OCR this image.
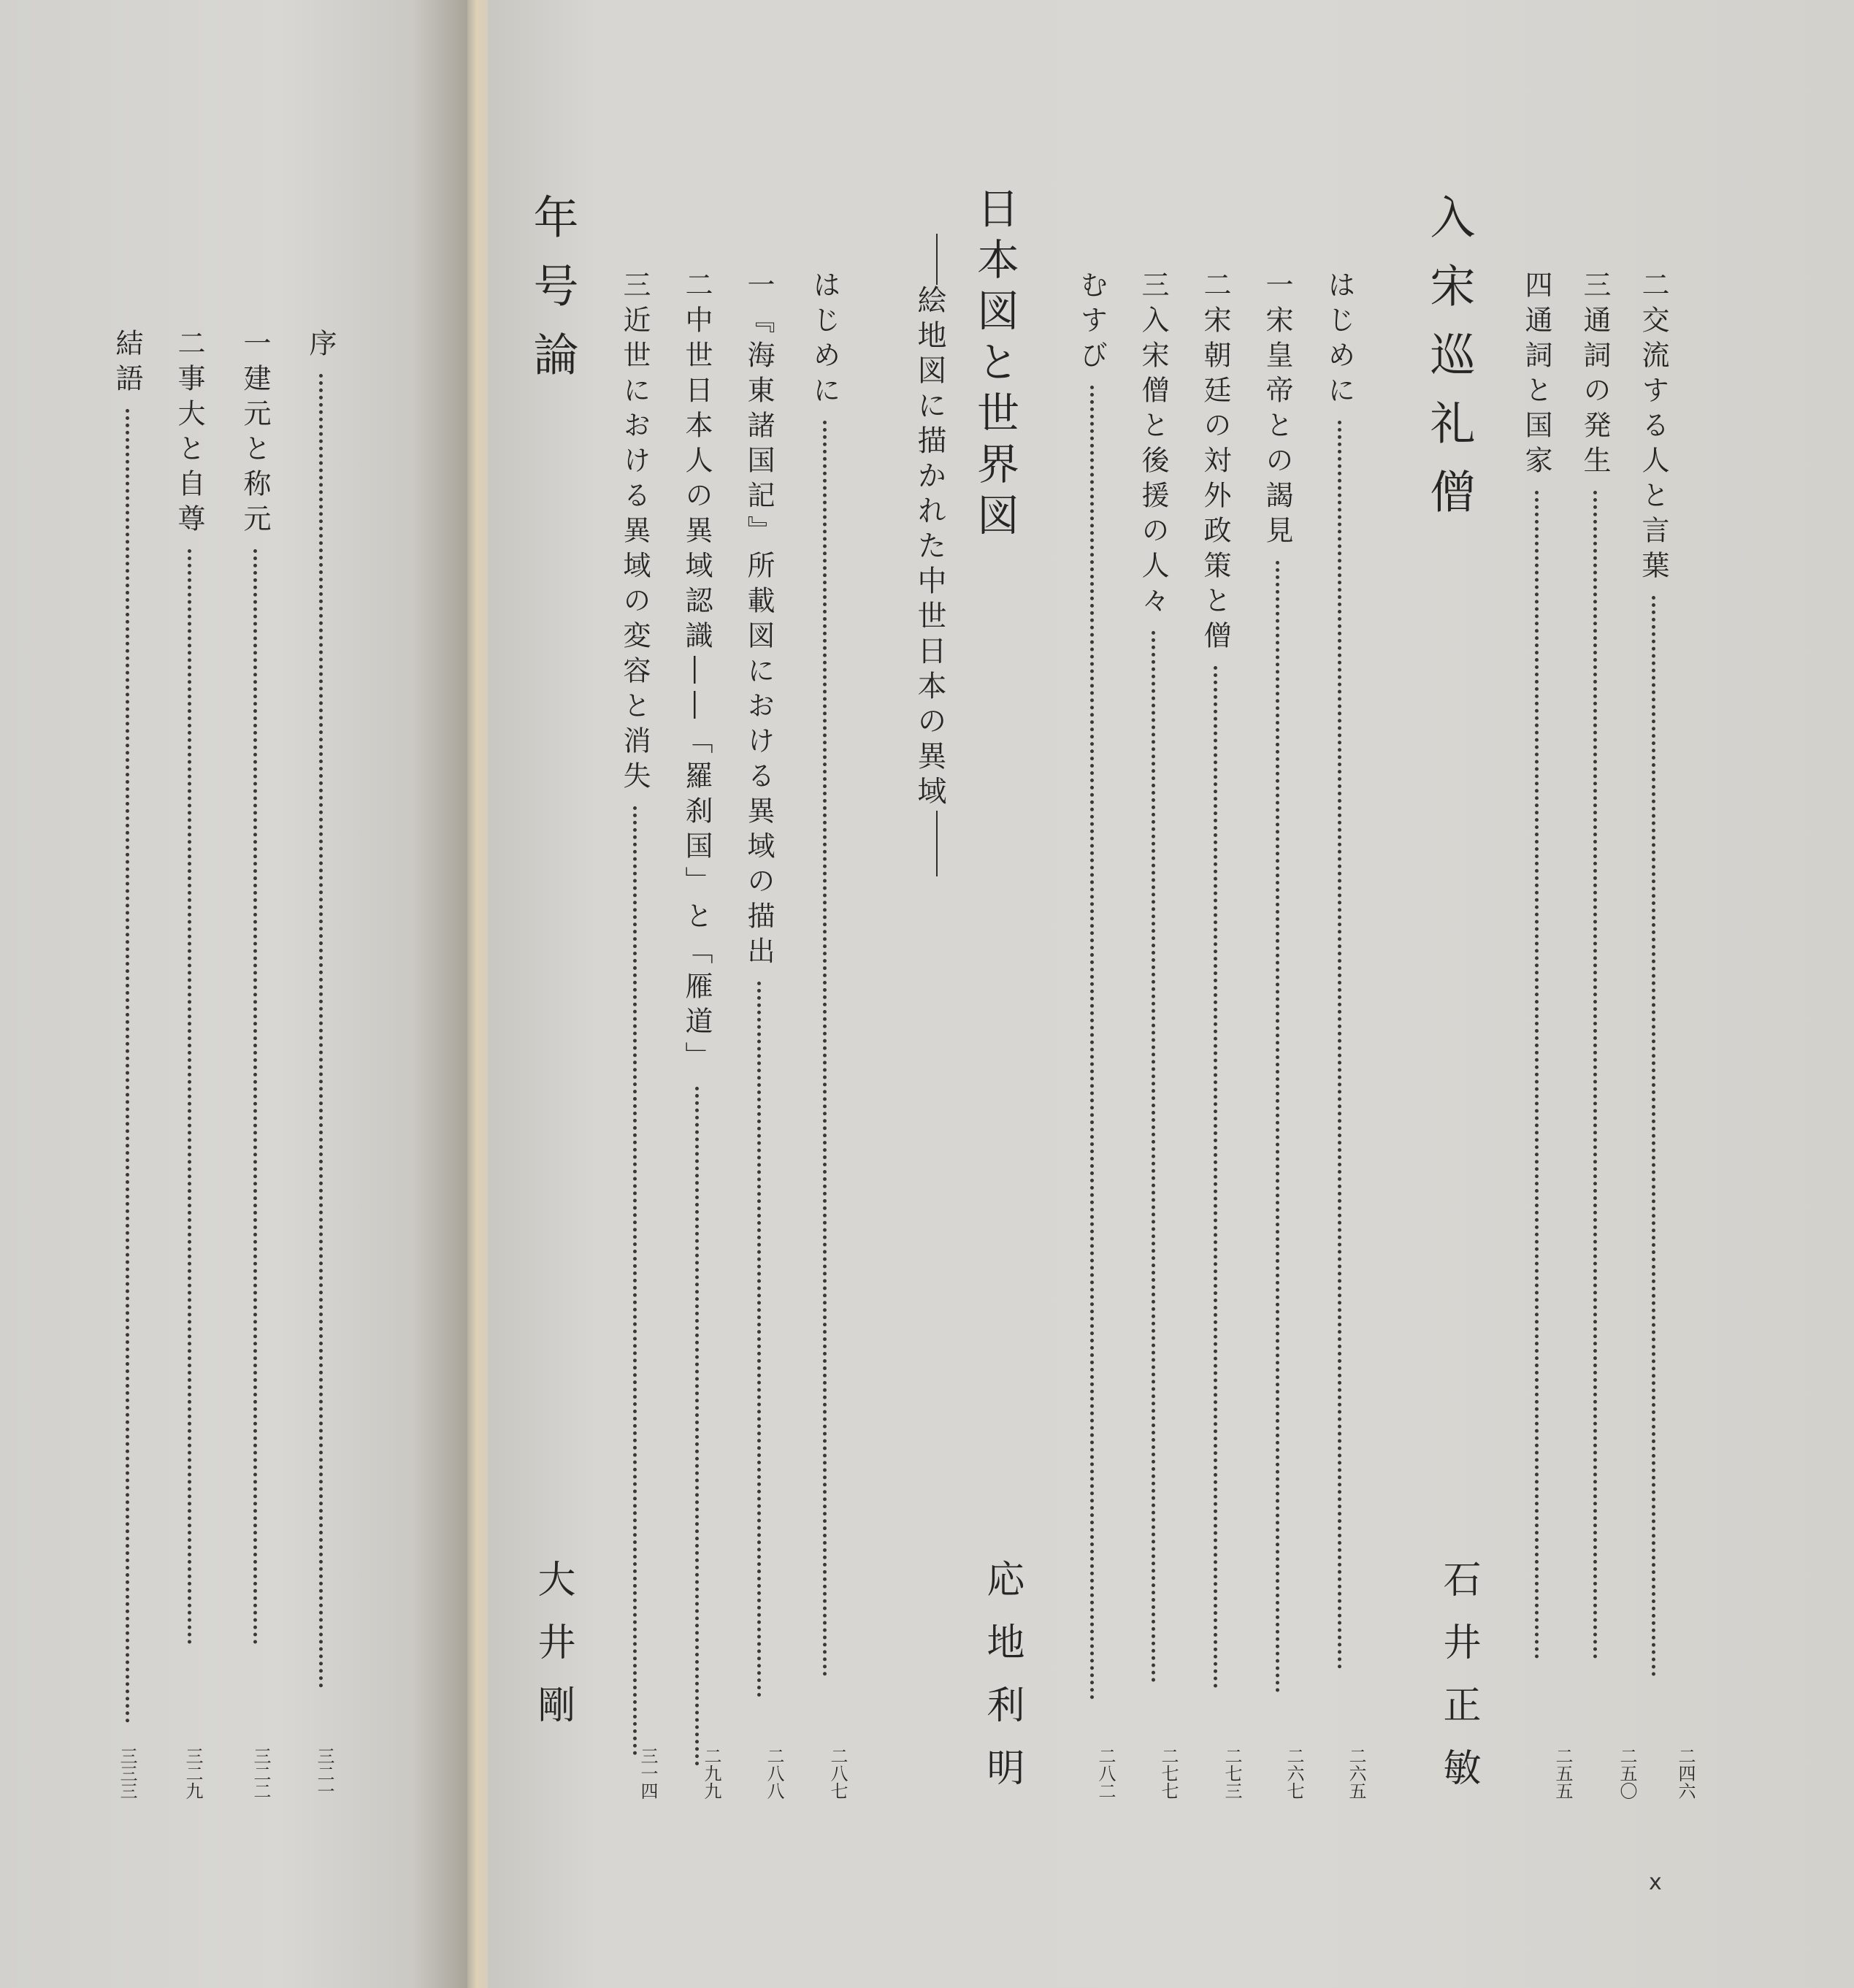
二交流する人と言葉
二四六
三通詞の発生
二五〇
四通詞と国家
二五五
入宋巡礼僧
石井正敏
はじめに
二六五
一宋皇帝との謁見
二六七
二宋朝廷の対外政策と僧
二七三
三入宋僧と後援の人々
二七七
むすび
二八二
日本図と世界図
絵地図に描かれた中世日本の異域
応地利明
はじめに
二八七
一『海東諸国記』所載図における異域の描出
二八八
二中世日本人の異域認識――「羅刹国」と「雁道」
二九九
三近世における異域の変容と消失
三一四
年号論
大井剛
x
序
三二一
一建元と称元
三二二
二事大と自尊
三二九
結語
三三三
